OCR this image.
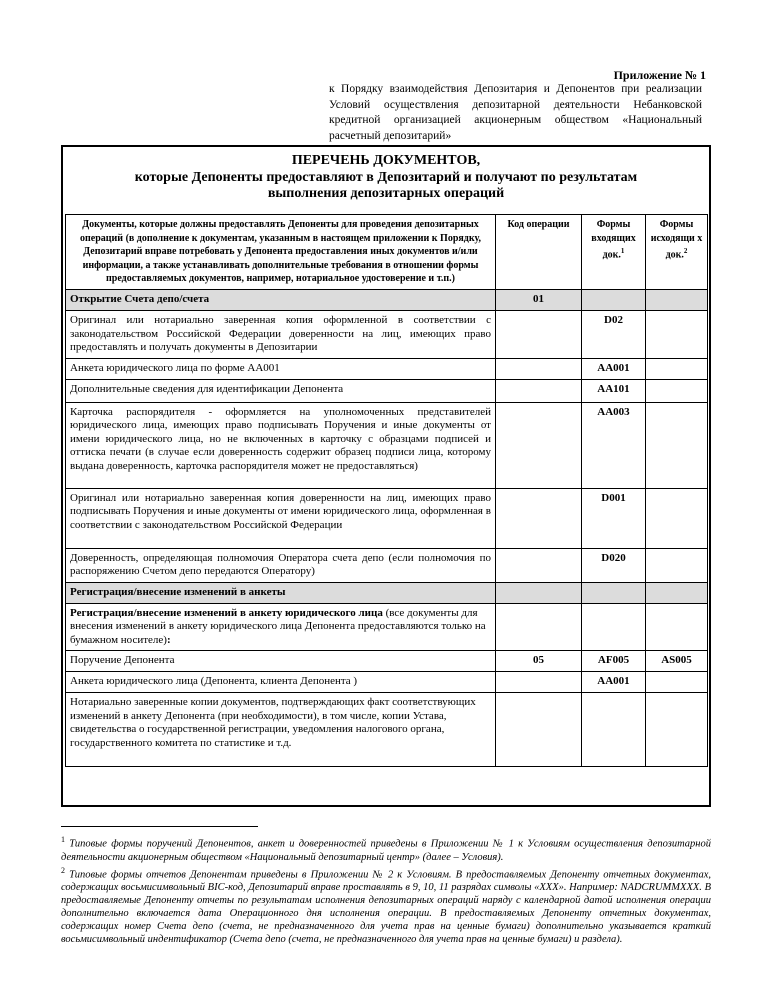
Приложение № 1
к Порядку взаимодействия Депозитария и Депонентов при реализации Условий осуществления депозитарной деятельности Небанковской кредитной организацией акционерным обществом «Национальный расчетный депозитарий»
ПЕРЕЧЕНЬ ДОКУМЕНТОВ,
которые Депоненты предоставляют в Депозитарий и получают по результатам
выполнения депозитарных операций
Документы, которые должны предоставлять Депоненты для проведения депозитарных операций (в дополнение к документам, указанным в настоящем приложении к Порядку, Депозитарий вправе потребовать у Депонента предоставления иных документов и/или информации, а также устанавливать дополнительные требования в отношении формы предоставляемых документов, например, нотариальное удостоверение и т.п.)	Код операции	Формы входящих док.$^1$	Формы исходящи х док.$^2$
Открытие Счета депо/счета	01		
Оригинал или нотариально заверенная копия оформленной в соответствии с законодательством Российской Федерации доверенности на лиц, имеющих право предоставлять и получать документы в Депозитарии		D02	
Анкета юридического лица по форме АА001		АА001	
Дополнительные сведения для идентификации Депонента		АА101	
Карточка распорядителя - оформляется на уполномоченных представителей юридического лица, имеющих право подписывать Поручения и иные документы от имени юридического лица, но не включенных в карточку с образцами подписей и оттиска печати (в случае если доверенность содержит образец подписи лица, которому выдана доверенность, карточка распорядителя может не предоставляться)		АА003	
Оригинал или нотариально заверенная копия доверенности на лиц, имеющих право подписывать Поручения и иные документы от имени юридического лица, оформленная в соответствии с законодательством Российской Федерации		D001	
Доверенность, определяющая полномочия Оператора счета депо (если полномочия по распоряжению Счетом депо передаются Оператору)		D020	
Регистрация/внесение изменений в анкеты			
Регистрация/внесение изменений в анкету юридического лица (все документы для внесения изменений в анкету юридического лица Депонента предоставляются только на бумажном носителе):			
Поручение Депонента	05	AF005	AS005
Анкета юридического лица (Депонента, клиента Депонента )		АА001	
Нотариально заверенные копии документов, подтверждающих факт соответствующих изменений в анкету Депонента (при необходимости), в том числе, копии Устава, свидетельства о государственной регистрации, уведомления налогового органа, государственного комитета по статистике и т.д.			
$^1$ Типовые формы поручений Депонентов, анкет и доверенностей приведены в Приложении № 1 к Условиям осуществления депозитарной деятельности акционерным обществом «Национальный депозитарный центр» (далее – Условия).
$^2$ Типовые формы отчетов Депонентам приведены в Приложении № 2 к Условиям. В предоставляемых Депоненту отчетных документах, содержащих восьмисимвольный BIC-код, Депозитарий вправе проставлять в 9, 10, 11 разрядах символы «XXX». Например: NADCRUMMXXX. В предоставляемые Депоненту отчеты по результатам исполнения депозитарных операций наряду с календарной датой исполнения операции дополнительно включается дата Операционного дня исполнения операции. В предоставляемых Депоненту отчетных документах, содержащих номер Счета депо (счета, не предназначенного для учета прав на ценные бумаги) дополнительно указывается краткий восьмисимвольный индентификатор (Счета депо (счета, не предназначенного для учета прав на ценные бумаги) и раздела).
